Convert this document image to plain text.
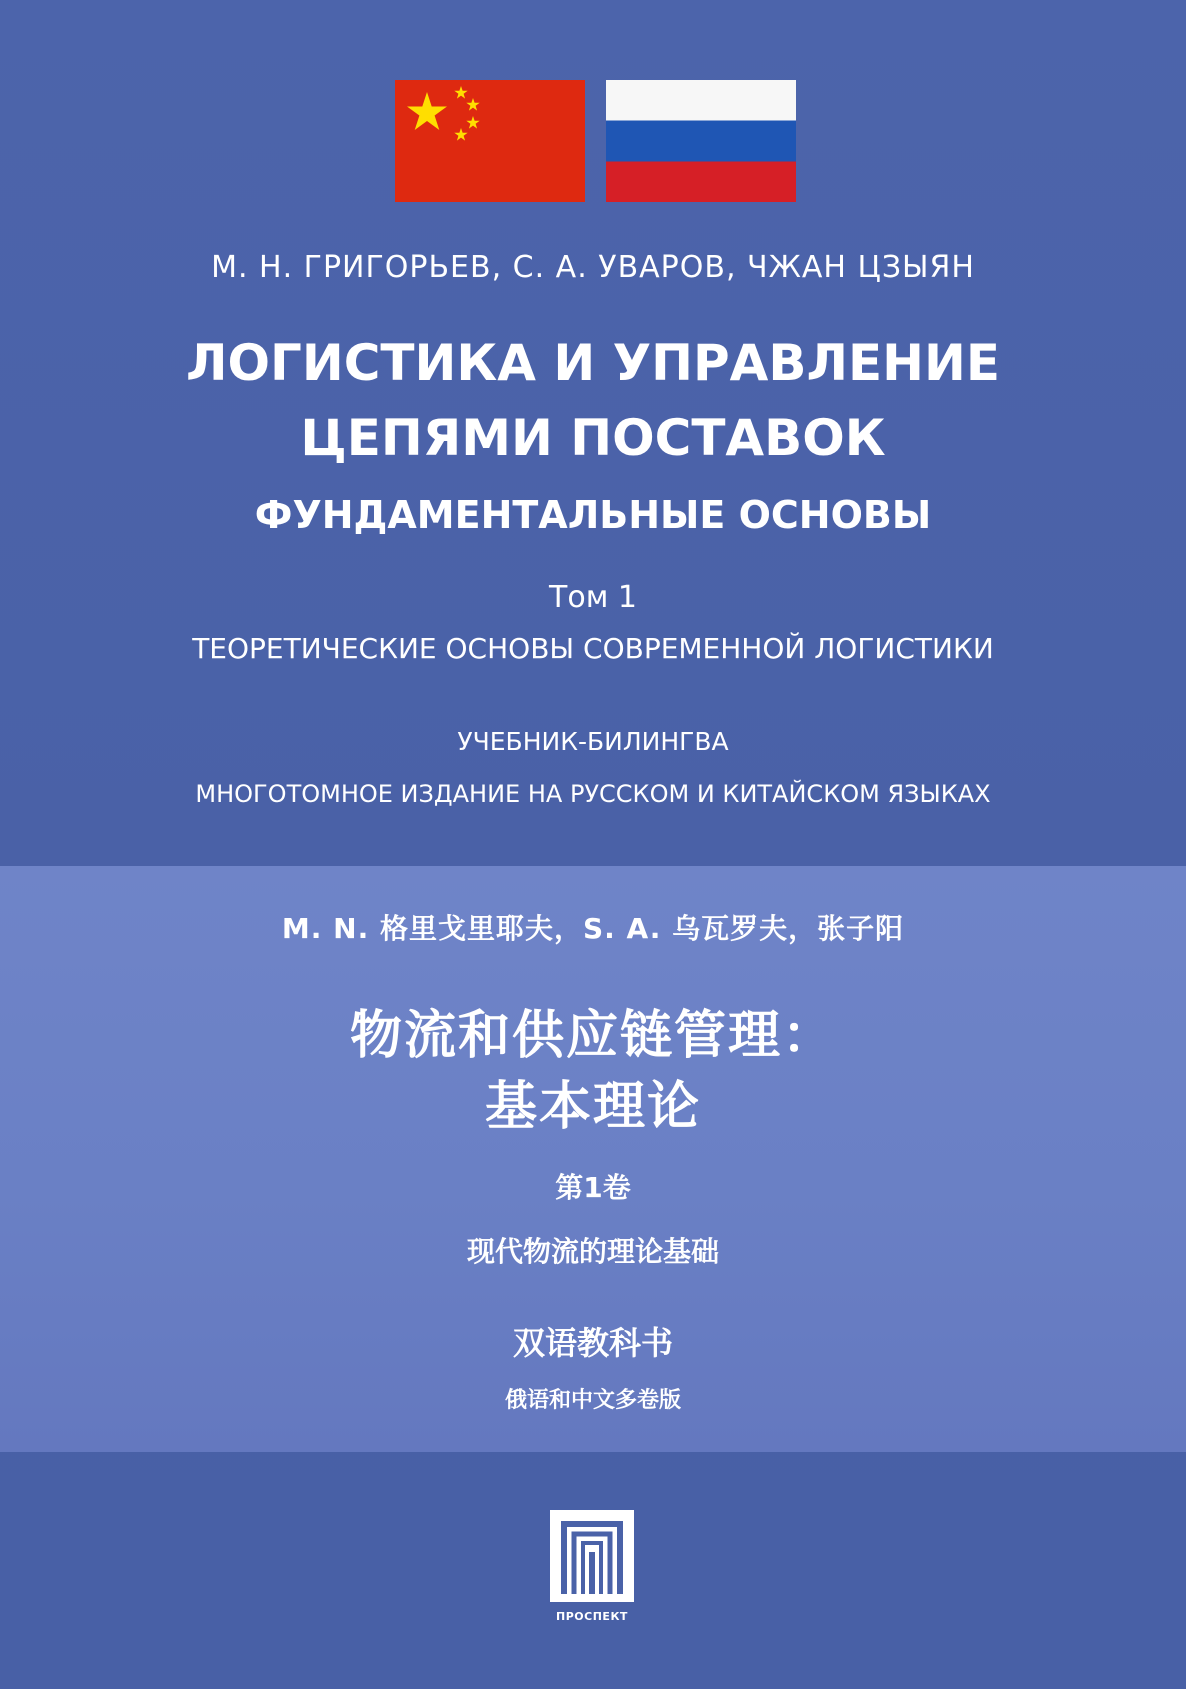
М. Н. ГРИГОРЬЕВ, С. А. УВАРОВ, ЧЖАН ЦЗЫЯН
ЛОГИСТИКА И УПРАВЛЕНИЕ
ЦЕПЯМИ ПОСТАВОК
ФУНДАМЕНТАЛЬНЫЕ ОСНОВЫ
Том 1
ТЕОРЕТИЧЕСКИЕ ОСНОВЫ СОВРЕМЕННОЙ ЛОГИСТИКИ
УЧЕБНИК-БИЛИНГВА
МНОГОТОМНОЕ ИЗДАНИЕ НА РУССКОМ И КИТАЙСКОМ ЯЗЫКАХ
M. N. 格里戈里耶夫，S. A. 乌瓦罗夫，张子阳
物流和供应链管理：
基本理论
第1卷
现代物流的理论基础
双语教科书
俄语和中文多卷版
ПРОСПЕКТ
